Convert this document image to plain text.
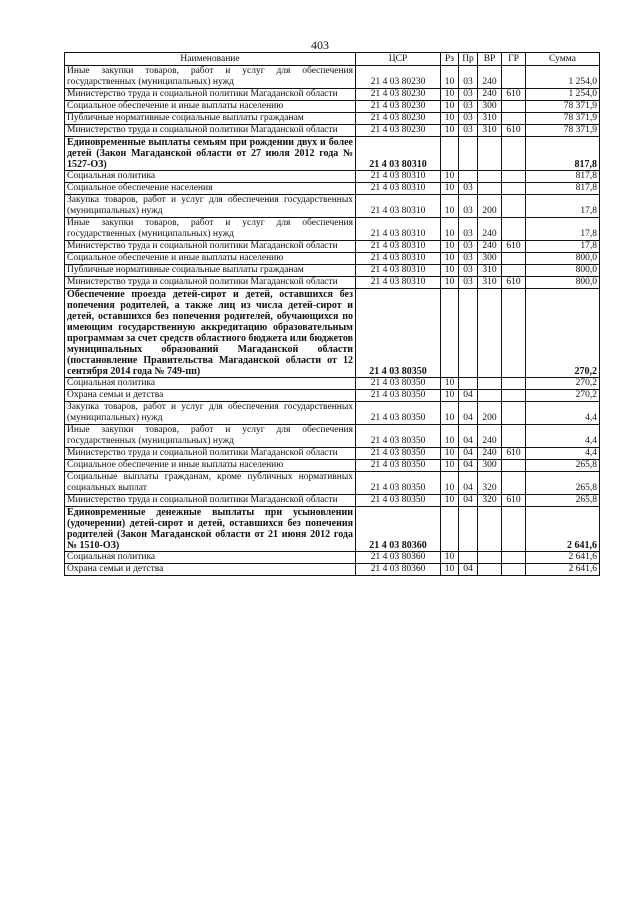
403
Наименование	ЦСР	Рз	Пр	ВР	ГР	Сумма
Иные закупки товаров, работ и услуг для обеспечения государственных (муниципальных) нужд	21 4 03 80230	10	03	240		1 254,0
Министерство труда и социальной политики Магаданской области	21 4 03 80230	10	03	240	610	1 254,0
Социальное обеспечение и иные выплаты населению	21 4 03 80230	10	03	300		78 371,9
Публичные нормативные социальные выплаты гражданам	21 4 03 80230	10	03	310		78 371,9
Министерство труда и социальной политики Магаданской области	21 4 03 80230	10	03	310	610	78 371,9
Единовременные выплаты семьям при рождении двух и более детей (Закон Магаданской области от 27 июля 2012 года № 1527-ОЗ)	21 4 03 80310					817,8
Социальная политика	21 4 03 80310	10				817,8
Социальное обеспечение населения	21 4 03 80310	10	03			817,8
Закупка товаров, работ и услуг для обеспечения государственных (муниципальных) нужд	21 4 03 80310	10	03	200		17,8
Иные закупки товаров, работ и услуг для обеспечения государственных (муниципальных) нужд	21 4 03 80310	10	03	240		17,8
Министерство труда и социальной политики Магаданской области	21 4 03 80310	10	03	240	610	17,8
Социальное обеспечение и иные выплаты населению	21 4 03 80310	10	03	300		800,0
Публичные нормативные социальные выплаты гражданам	21 4 03 80310	10	03	310		800,0
Министерство труда и социальной политики Магаданской области	21 4 03 80310	10	03	310	610	800,0
Обеспечение проезда детей-сирот и детей, оставшихся без попечения родителей, а также лиц из числа детей-сирот и детей, оставшихся без попечения родителей, обучающихся по имеющим государственную аккредитацию образовательным программам за счет средств областного бюджета или бюджетов муниципальных образований Магаданской области (постановление Правительства Магаданской области от 12 сентября 2014 года № 749-пп)	21 4 03 80350					270,2
Социальная политика	21 4 03 80350	10				270,2
Охрана семьи и детства	21 4 03 80350	10	04			270,2
Закупка товаров, работ и услуг для обеспечения государственных (муниципальных) нужд	21 4 03 80350	10	04	200		4,4
Иные закупки товаров, работ и услуг для обеспечения государственных (муниципальных) нужд	21 4 03 80350	10	04	240		4,4
Министерство труда и социальной политики Магаданской области	21 4 03 80350	10	04	240	610	4,4
Социальное обеспечение и иные выплаты населению	21 4 03 80350	10	04	300		265,8
Социальные выплаты гражданам, кроме публичных нормативных социальных выплат	21 4 03 80350	10	04	320		265,8
Министерство труда и социальной политики Магаданской области	21 4 03 80350	10	04	320	610	265,8
Единовременные денежные выплаты при усыновлении (удочерении) детей-сирот и детей, оставшихся без попечения родителей (Закон Магаданской области от 21 июня 2012 года № 1510-ОЗ)	21 4 03 80360					2 641,6
Социальная политика	21 4 03 80360	10				2 641,6
Охрана семьи и детства	21 4 03 80360	10	04			2 641,6
